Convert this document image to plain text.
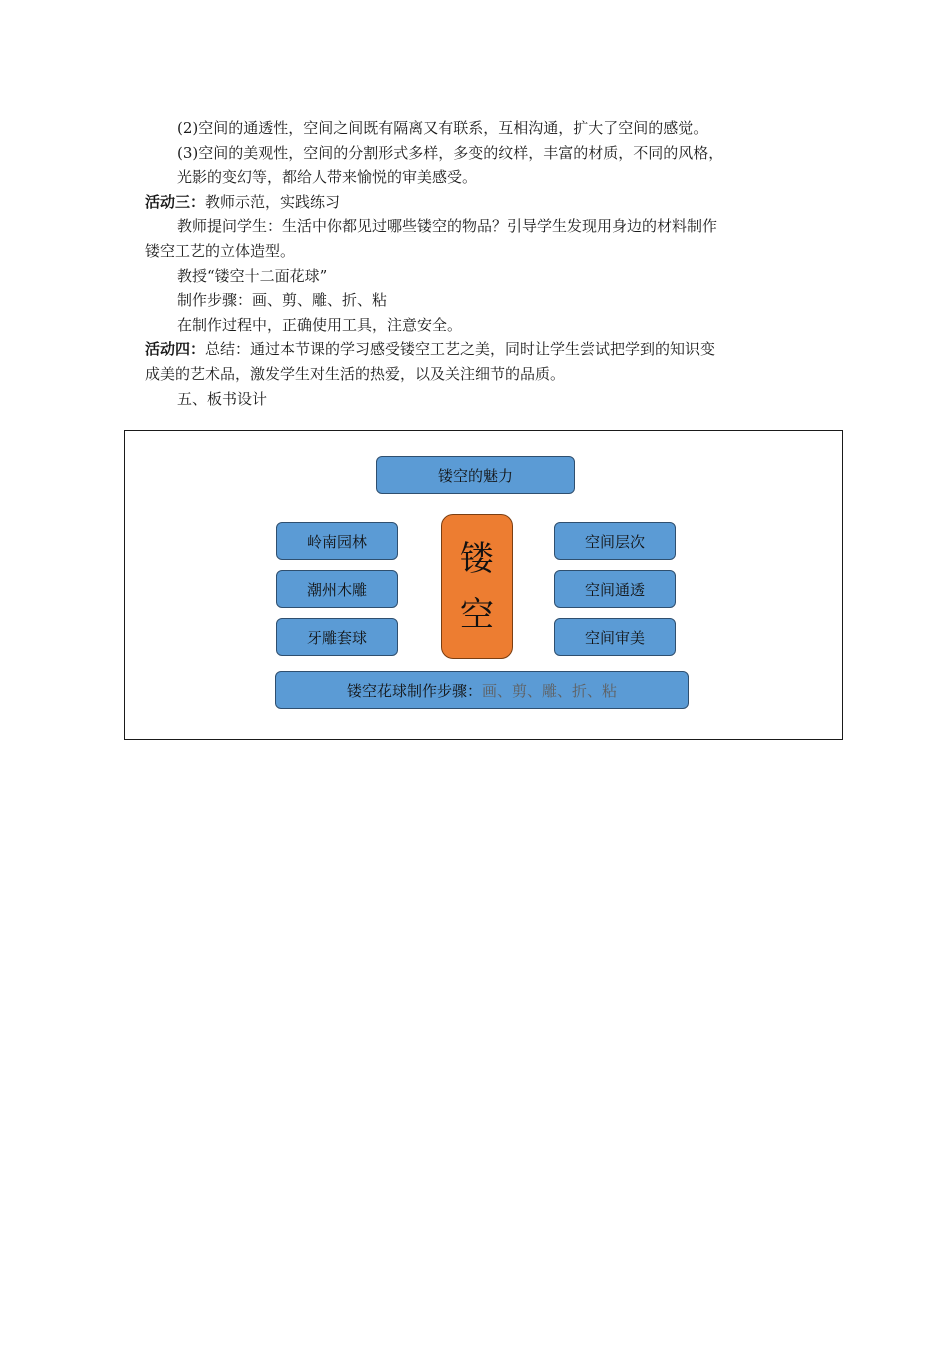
(2)空间的通透性，空间之间既有隔离又有联系，互相沟通，扩大了空间的感觉。

(3)空间的美观性，空间的分割形式多样，多变的纹样，丰富的材质，不同的风格，
光影的变幻等，都给人带来愉悦的审美感受。

活动三：教师示范，实践练习

教师提问学生：生活中你都见过哪些镂空的物品？引导学生发现用身边的材料制作
镂空工艺的立体造型。

教授“镂空十二面花球”

制作步骤：画、剪、雕、折、粘

在制作过程中，正确使用工具，注意安全。

活动四：总结：通过本节课的学习感受镂空工艺之美，同时让学生尝试把学到的知识变
成美的艺术品，激发学生对生活的热爱，以及关注细节的品质。

五、板书设计

镂空的魅力
岭南园林
潮州木雕
牙雕套球
镂
空
空间层次
空间通透
空间审美
镂空花球制作步骤： 画、剪、雕、折、粘
